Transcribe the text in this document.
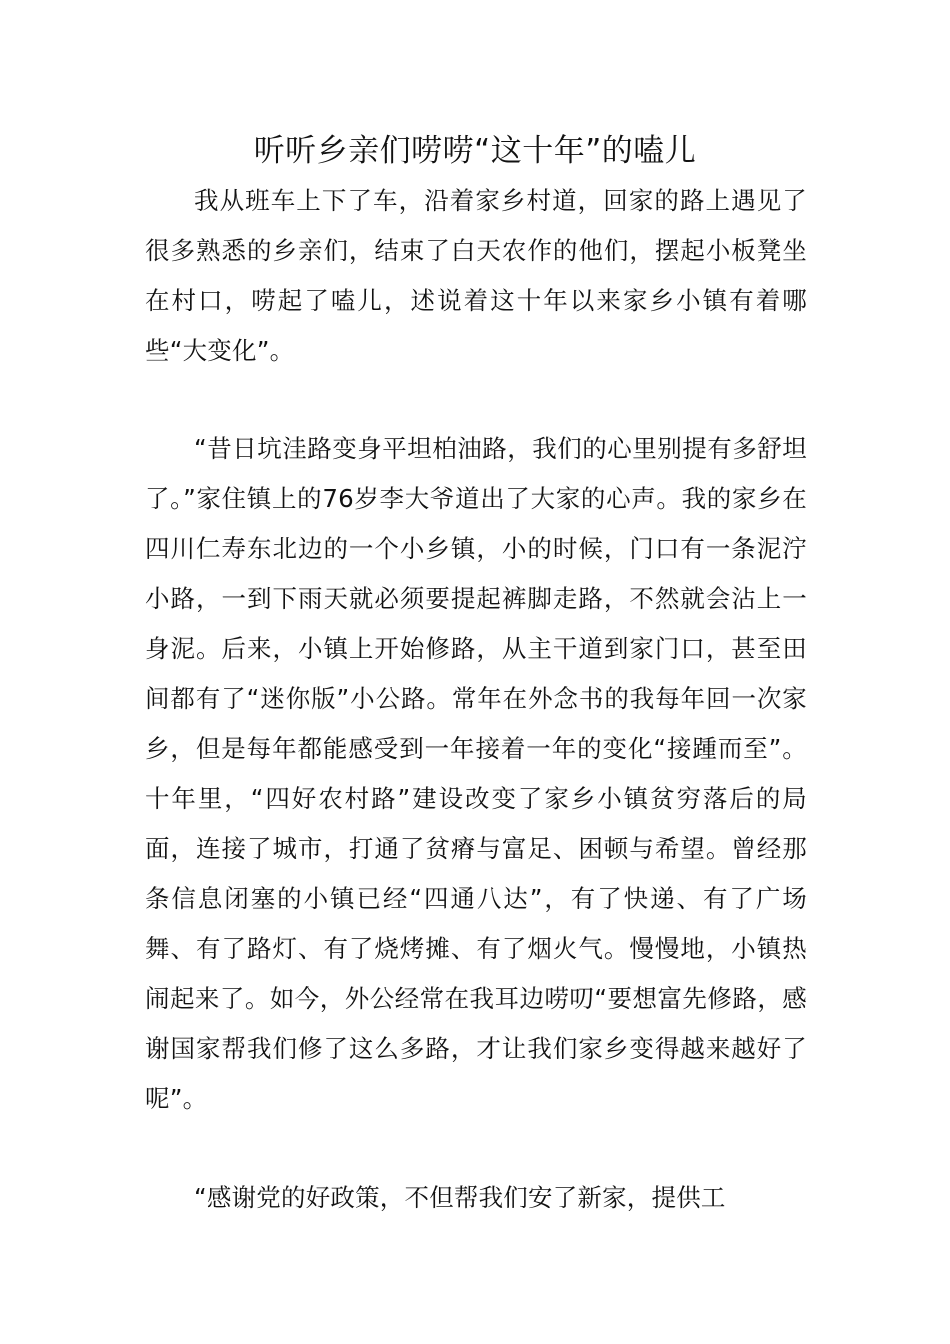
听听乡亲们唠唠“这十年”的嗑儿

我从班车上下了车，沿着家乡村道，回家的路上遇见了很多熟悉的乡亲们，结束了白天农作的他们，摆起小板凳坐在村口，唠起了嗑儿，述说着这十年以来家乡小镇有着哪些“大变化”。

“昔日坑洼路变身平坦柏油路，我们的心里别提有多舒坦了。”家住镇上的76岁李大爷道出了大家的心声。我的家乡在四川仁寿东北边的一个小乡镇，小的时候，门口有一条泥泞小路，一到下雨天就必须要提起裤脚走路，不然就会沾上一身泥。后来，小镇上开始修路，从主干道到家门口，甚至田间都有了“迷你版”小公路。常年在外念书的我每年回一次家乡，但是每年都能感受到一年接着一年的变化“接踵而至”。十年里，“四好农村路”建设改变了家乡小镇贫穷落后的局面，连接了城市，打通了贫瘠与富足、困顿与希望。曾经那条信息闭塞的小镇已经“四通八达”，有了快递、有了广场舞、有了路灯、有了烧烤摊、有了烟火气。慢慢地，小镇热闹起来了。如今，外公经常在我耳边唠叨“要想富先修路，感谢国家帮我们修了这么多路，才让我们家乡变得越来越好了呢”。

“感谢党的好政策，不但帮我们安了新家，提供工
